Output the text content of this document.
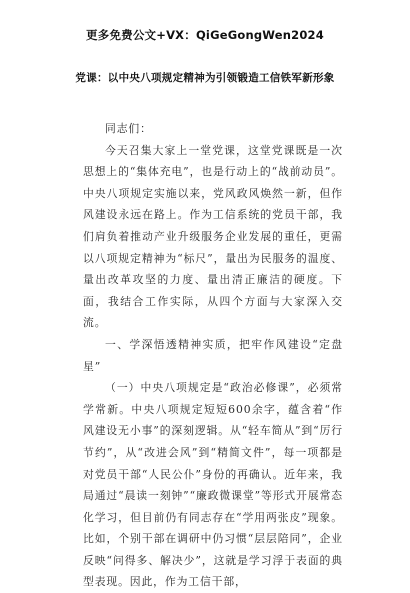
更多免费公文+VX：QiGeGongWen2024
党课：以中央八项规定精神为引领锻造工信铁军新形象

同志们：

今天召集大家上一堂党课，这堂党课既是一次思想上的“集体充电”，也是行动上的“战前动员”。中央八项规定实施以来，党风政风焕然一新，但作风建设永远在路上。作为工信系统的党员干部，我们肩负着推动产业升级服务企业发展的重任，更需以八项规定精神为“标尺”，量出为民服务的温度、量出改革攻坚的力度、量出清正廉洁的硬度。下面，我结合工作实际，从四个方面与大家深入交流。

一、学深悟透精神实质，把牢作风建设“定盘星”

（一）中央八项规定是“政治必修课”，必须常学常新。中央八项规定短短600余字，蕴含着“作风建设无小事”的深刻逻辑。从“轻车简从”到“厉行节约”，从“改进会风”到“精简文件”，每一项都是对党员干部“人民公仆”身份的再确认。近年来，我局通过“晨读一刻钟”“廉政微课堂”等形式开展常态化学习，但目前仍有同志存在“学用两张皮”现象。比如，个别干部在调研中仍习惯“层层陪同”，企业反映“问得多、解决少”，这就是学习浮于表面的典型表现。因此，作为工信干部，
